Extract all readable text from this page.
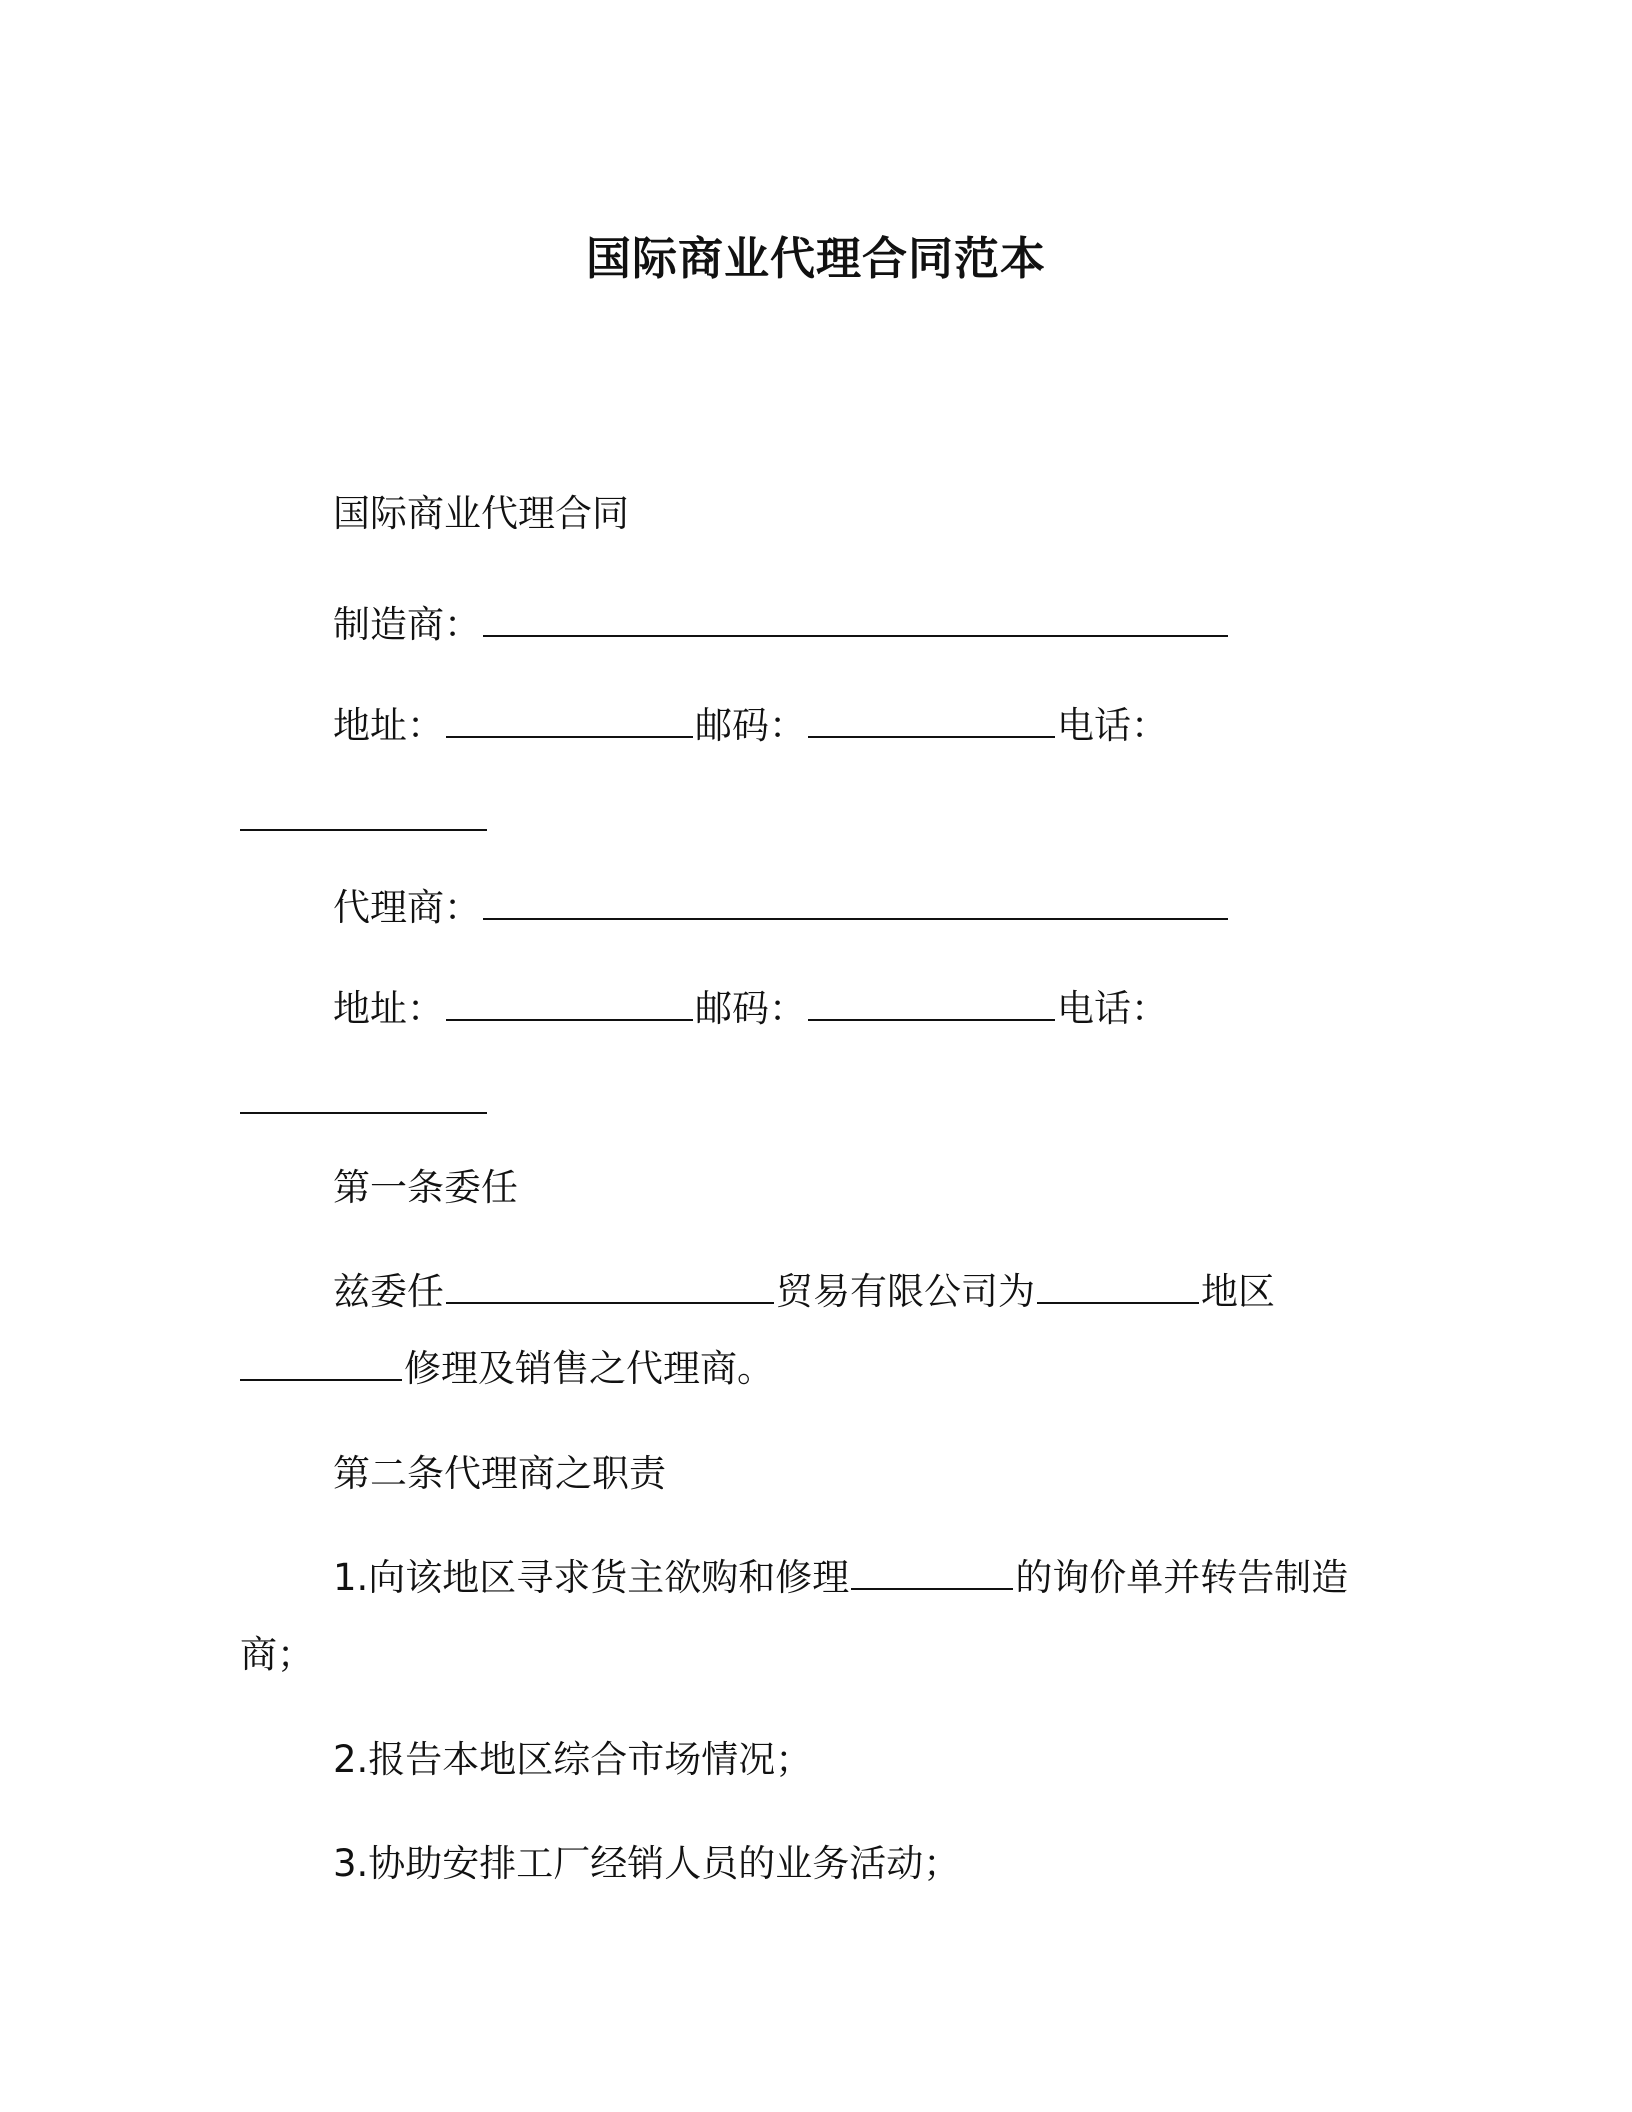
国际商业代理合同范本
国际商业代理合同
制造商：
地址：	邮码：	电话：
代理商：
地址：	邮码：	电话：
第一条委任
兹委任	贸易有限公司为	地区
修理及销售之代理商。
第二条代理商之职责
1.向该地区寻求货主欲购和修理	的询价单并转告制造
商；
2.报告本地区综合市场情况；
3.协助安排工厂经销人员的业务活动；
